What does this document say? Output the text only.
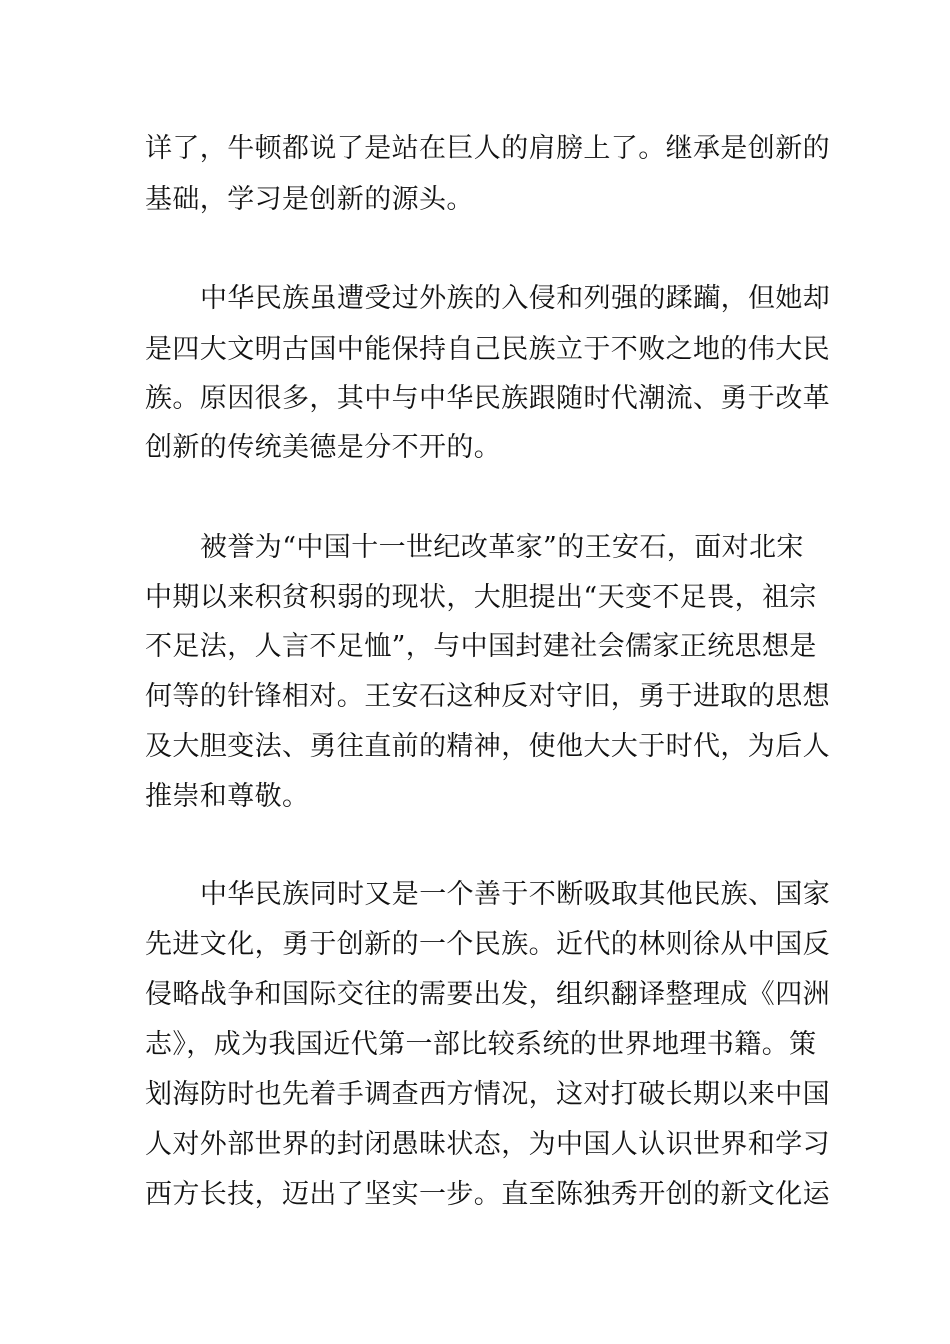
详了，牛顿都说了是站在巨人的肩膀上了。继承是创新的
基础，学习是创新的源头。
中华民族虽遭受过外族的入侵和列强的蹂躏，但她却
是四大文明古国中能保持自己民族立于不败之地的伟大民
族。原因很多，其中与中华民族跟随时代潮流、勇于改革
创新的传统美德是分不开的。
被誉为“中国十一世纪改革家”的王安石，面对北宋
中期以来积贫积弱的现状，大胆提出“天变不足畏，祖宗
不足法，人言不足恤”，与中国封建社会儒家正统思想是
何等的针锋相对。王安石这种反对守旧，勇于进取的思想
及大胆变法、勇往直前的精神，使他大大于时代，为后人
推崇和尊敬。
中华民族同时又是一个善于不断吸取其他民族、国家
先进文化，勇于创新的一个民族。近代的林则徐从中国反
侵略战争和国际交往的需要出发，组织翻译整理成《四洲
志》，成为我国近代第一部比较系统的世界地理书籍。策
划海防时也先着手调查西方情况，这对打破长期以来中国
人对外部世界的封闭愚昧状态，为中国人认识世界和学习
西方长技，迈出了坚实一步。直至陈独秀开创的新文化运
